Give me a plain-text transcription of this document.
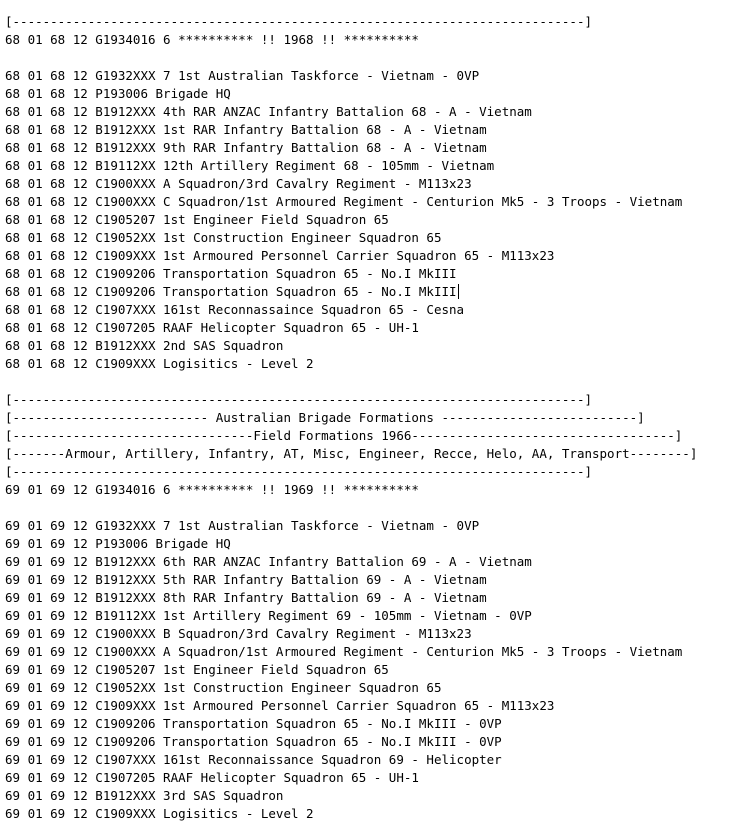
[----------------------------------------------------------------------------]
68 01 68 12 G1934016 6 ********** !! 1968 !! **********
68 01 68 12 G1932XXX 7 1st Australian Taskforce - Vietnam - 0VP
68 01 68 12 P193006 Brigade HQ
68 01 68 12 B1912XXX 4th RAR ANZAC Infantry Battalion 68 - A - Vietnam
68 01 68 12 B1912XXX 1st RAR Infantry Battalion 68 - A - Vietnam
68 01 68 12 B1912XXX 9th RAR Infantry Battalion 68 - A - Vietnam
68 01 68 12 B19112XX 12th Artillery Regiment 68 - 105mm - Vietnam
68 01 68 12 C1900XXX A Squadron/3rd Cavalry Regiment - M113x23
68 01 68 12 C1900XXX C Squadron/1st Armoured Regiment - Centurion Mk5 - 3 Troops - Vietnam
68 01 68 12 C1905207 1st Engineer Field Squadron 65
68 01 68 12 C19052XX 1st Construction Engineer Squadron 65
68 01 68 12 C1909XXX 1st Armoured Personnel Carrier Squadron 65 - M113x23
68 01 68 12 C1909206 Transportation Squadron 65 - No.I MkIII
68 01 68 12 C1909206 Transportation Squadron 65 - No.I MkIII
68 01 68 12 C1907XXX 161st Reconnassaince Squadron 65 - Cesna
68 01 68 12 C1907205 RAAF Helicopter Squadron 65 - UH-1
68 01 68 12 B1912XXX 2nd SAS Squadron
68 01 68 12 C1909XXX Logisitics - Level 2
[----------------------------------------------------------------------------]
[-------------------------- Australian Brigade Formations --------------------------]
[--------------------------------Field Formations 1966-----------------------------------]
[-------Armour, Artillery, Infantry, AT, Misc, Engineer, Recce, Helo, AA, Transport--------]
[----------------------------------------------------------------------------]
69 01 69 12 G1934016 6 ********** !! 1969 !! **********
69 01 69 12 G1932XXX 7 1st Australian Taskforce - Vietnam - 0VP
69 01 69 12 P193006 Brigade HQ
69 01 69 12 B1912XXX 6th RAR ANZAC Infantry Battalion 69 - A - Vietnam
69 01 69 12 B1912XXX 5th RAR Infantry Battalion 69 - A - Vietnam
69 01 69 12 B1912XXX 8th RAR Infantry Battalion 69 - A - Vietnam
69 01 69 12 B19112XX 1st Artillery Regiment 69 - 105mm - Vietnam - 0VP
69 01 69 12 C1900XXX B Squadron/3rd Cavalry Regiment - M113x23
69 01 69 12 C1900XXX A Squadron/1st Armoured Regiment - Centurion Mk5 - 3 Troops - Vietnam
69 01 69 12 C1905207 1st Engineer Field Squadron 65
69 01 69 12 C19052XX 1st Construction Engineer Squadron 65
69 01 69 12 C1909XXX 1st Armoured Personnel Carrier Squadron 65 - M113x23
69 01 69 12 C1909206 Transportation Squadron 65 - No.I MkIII - 0VP
69 01 69 12 C1909206 Transportation Squadron 65 - No.I MkIII - 0VP
69 01 69 12 C1907XXX 161st Reconnaissance Squadron 69 - Helicopter
69 01 69 12 C1907205 RAAF Helicopter Squadron 65 - UH-1
69 01 69 12 B1912XXX 3rd SAS Squadron
69 01 69 12 C1909XXX Logisitics - Level 2
